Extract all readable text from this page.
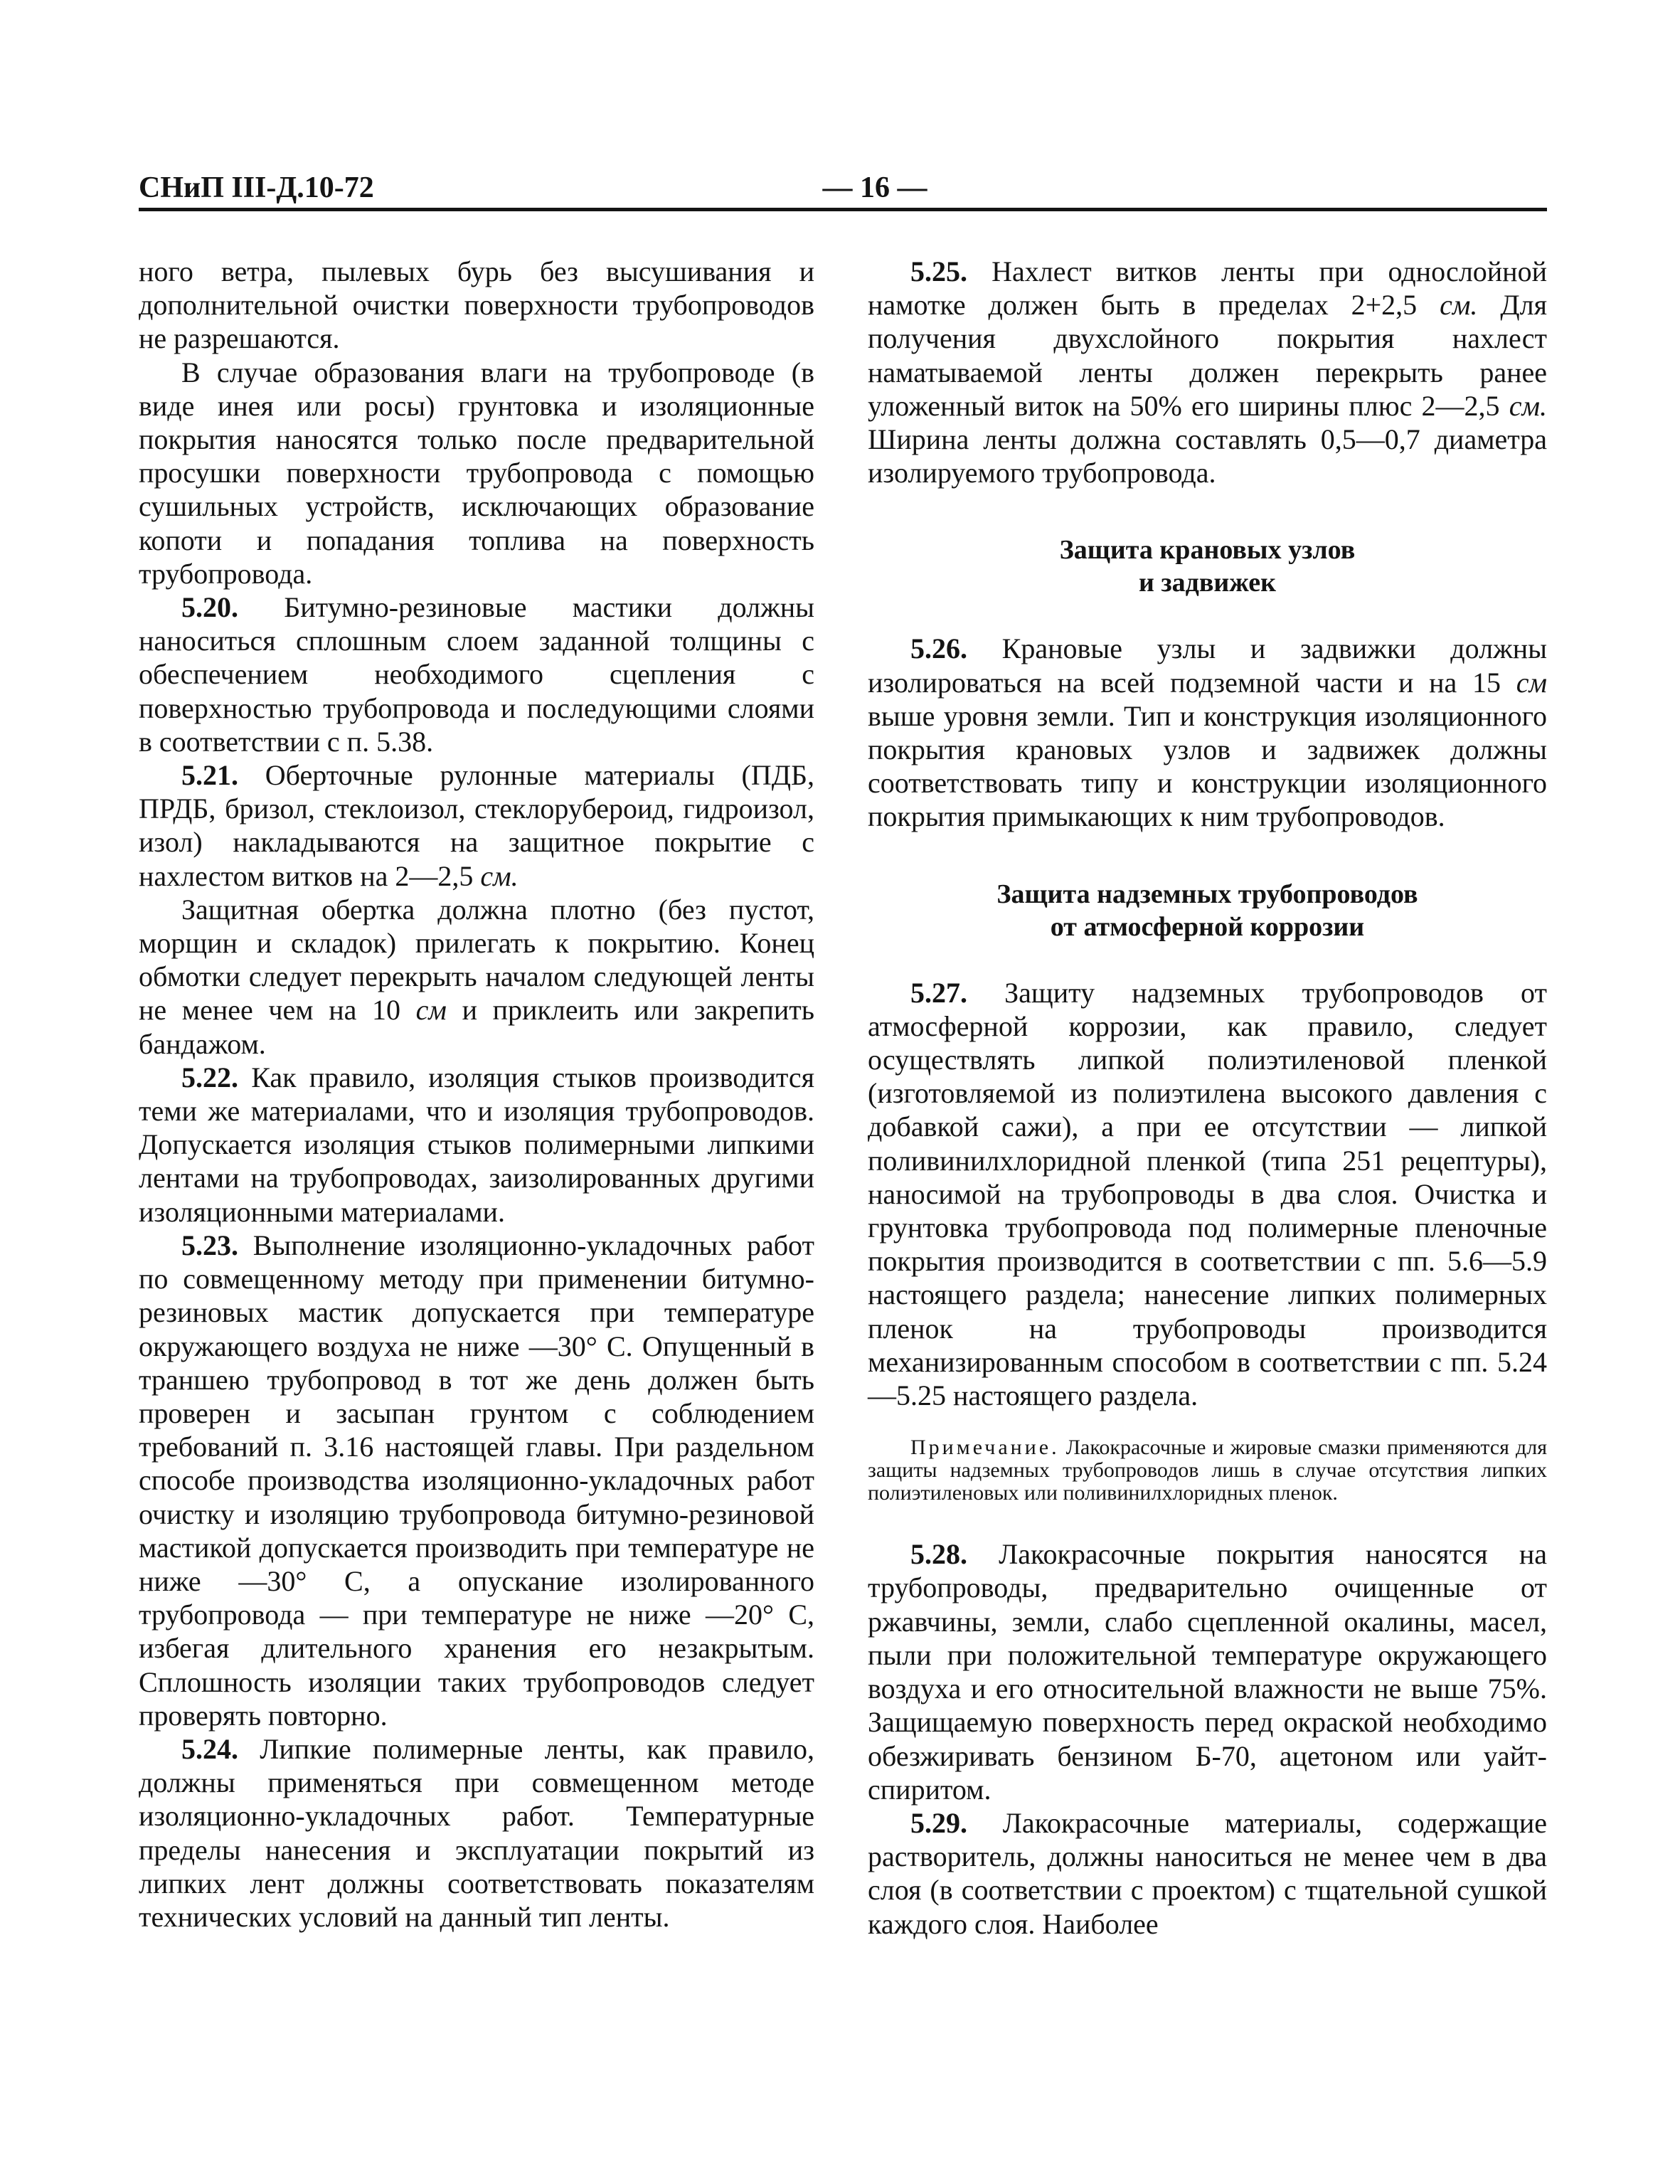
СНиП III-Д.10-72	— 16 —

ного ветра, пылевых бурь без высушивания и дополнительной очистки поверхности трубопроводов не разрешаются.

В случае образования влаги на трубопроводе (в виде инея или росы) грунтовка и изоляционные покрытия наносятся только после предварительной просушки поверхности трубопровода с помощью сушильных устройств, исключающих образование копоти и попадания топлива на поверхность трубопровода.

5.20. Битумно-резиновые мастики должны наноситься сплошным слоем заданной толщины с обеспечением необходимого сцепления с поверхностью трубопровода и последующими слоями в соответствии с п. 5.38.

5.21. Оберточные рулонные материалы (ПДБ, ПРДБ, бризол, стеклоизол, стеклорубероид, гидроизол, изол) накладываются на защитное покрытие с нахлестом витков на 2—2,5 см.

Защитная обертка должна плотно (без пустот, морщин и складок) прилегать к покрытию. Конец обмотки следует перекрыть началом следующей ленты не менее чем на 10 см и приклеить или закрепить бандажом.

5.22. Как правило, изоляция стыков производится теми же материалами, что и изоляция трубопроводов. Допускается изоляция стыков полимерными липкими лентами на трубопроводах, заизолированных другими изоляционными материалами.

5.23. Выполнение изоляционно-укладочных работ по совмещенному методу при применении битумно-резиновых мастик допускается при температуре окружающего воздуха не ниже —30° С. Опущенный в траншею трубопровод в тот же день должен быть проверен и засыпан грунтом с соблюдением требований п. 3.16 настоящей главы. При раздельном способе производства изоляционно-укладочных работ очистку и изоляцию трубопровода битумно-резиновой мастикой допускается производить при температуре не ниже —30° С, а опускание изолированного трубопровода — при температуре не ниже —20° С, избегая длительного хранения его незакрытым. Сплошность изоляции таких трубопроводов следует проверять повторно.

5.24. Липкие полимерные ленты, как правило, должны применяться при совмещенном методе изоляционно-укладочных работ. Температурные пределы нанесения и эксплуатации покрытий из липких лент должны соответствовать показателям технических условий на данный тип ленты.

5.25. Нахлест витков ленты при однослойной намотке должен быть в пределах 2+2,5 см. Для получения двухслойного покрытия нахлест наматываемой ленты должен перекрыть ранее уложенный виток на 50% его ширины плюс 2—2,5 см. Ширина ленты должна составлять 0,5—0,7 диаметра изолируемого трубопровода.

Защита крановых узлов
и задвижек

5.26. Крановые узлы и задвижки должны изолироваться на всей подземной части и на 15 см выше уровня земли. Тип и конструкция изоляционного покрытия крановых узлов и задвижек должны соответствовать типу и конструкции изоляционного покрытия примыкающих к ним трубопроводов.

Защита надземных трубопроводов
от атмосферной коррозии

5.27. Защиту надземных трубопроводов от атмосферной коррозии, как правило, следует осуществлять липкой полиэтиленовой пленкой (изготовляемой из полиэтилена высокого давления с добавкой сажи), а при ее отсутствии — липкой поливинилхлоридной пленкой (типа 251 рецептуры), наносимой на трубопроводы в два слоя. Очистка и грунтовка трубопровода под полимерные пленочные покрытия производится в соответствии с пп. 5.6—5.9 настоящего раздела; нанесение липких полимерных пленок на трубопроводы производится механизированным способом в соответствии с пп. 5.24—5.25 настоящего раздела.

Примечание. Лакокрасочные и жировые смазки применяются для защиты надземных трубопроводов лишь в случае отсутствия липких полиэтиленовых или поливинилхлоридных пленок.

5.28. Лакокрасочные покрытия наносятся на трубопроводы, предварительно очищенные от ржавчины, земли, слабо сцепленной окалины, масел, пыли при положительной температуре окружающего воздуха и его относительной влажности не выше 75%. Защищаемую поверхность перед окраской необходимо обезжиривать бензином Б-70, ацетоном или уайт-спиритом.

5.29. Лакокрасочные материалы, содержащие растворитель, должны наноситься не менее чем в два слоя (в соответствии с проектом) с тщательной сушкой каждого слоя. Наиболее
